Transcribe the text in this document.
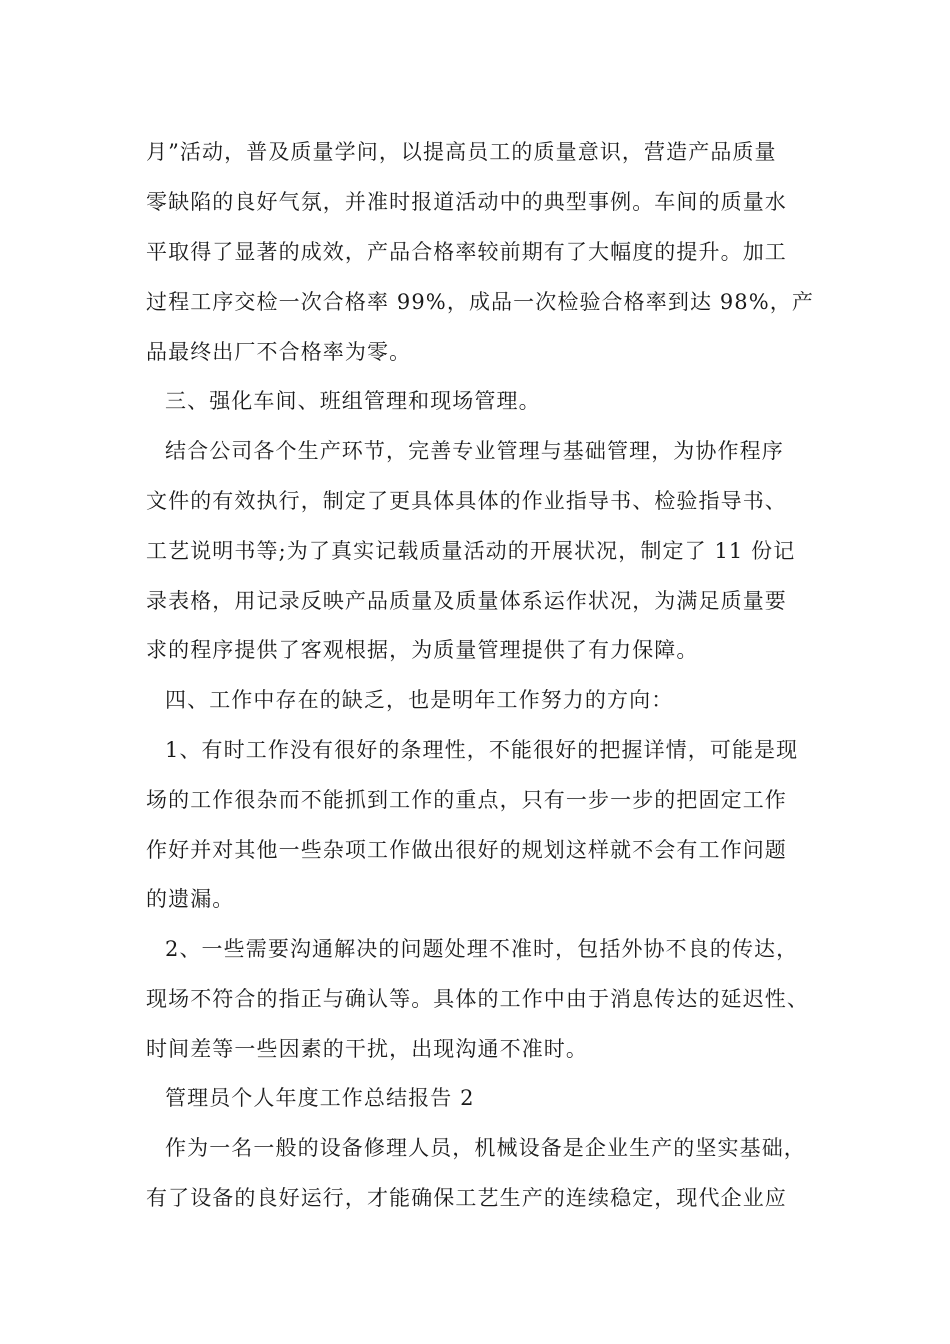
月”活动，普及质量学问，以提高员工的质量意识，营造产品质量
零缺陷的良好气氛，并准时报道活动中的典型事例。车间的质量水
平取得了显著的成效，产品合格率较前期有了大幅度的提升。加工
过程工序交检一次合格率 99%，成品一次检验合格率到达 98%，产
品最终出厂不合格率为零。
三、强化车间、班组管理和现场管理。
结合公司各个生产环节，完善专业管理与基础管理，为协作程序
文件的有效执行，制定了更具体具体的作业指导书、检验指导书、
工艺说明书等;为了真实记载质量活动的开展状况，制定了 11 份记
录表格，用记录反映产品质量及质量体系运作状况，为满足质量要
求的程序提供了客观根据，为质量管理提供了有力保障。
四、工作中存在的缺乏，也是明年工作努力的方向：
1、有时工作没有很好的条理性，不能很好的把握详情，可能是现
场的工作很杂而不能抓到工作的重点，只有一步一步的把固定工作
作好并对其他一些杂项工作做出很好的规划这样就不会有工作问题
的遗漏。
2、一些需要沟通解决的问题处理不准时，包括外协不良的传达，
现场不符合的指正与确认等。具体的工作中由于消息传达的延迟性、
时间差等一些因素的干扰，出现沟通不准时。
管理员个人年度工作总结报告 2
作为一名一般的设备修理人员，机械设备是企业生产的坚实基础，
有了设备的良好运行，才能确保工艺生产的连续稳定，现代企业应
